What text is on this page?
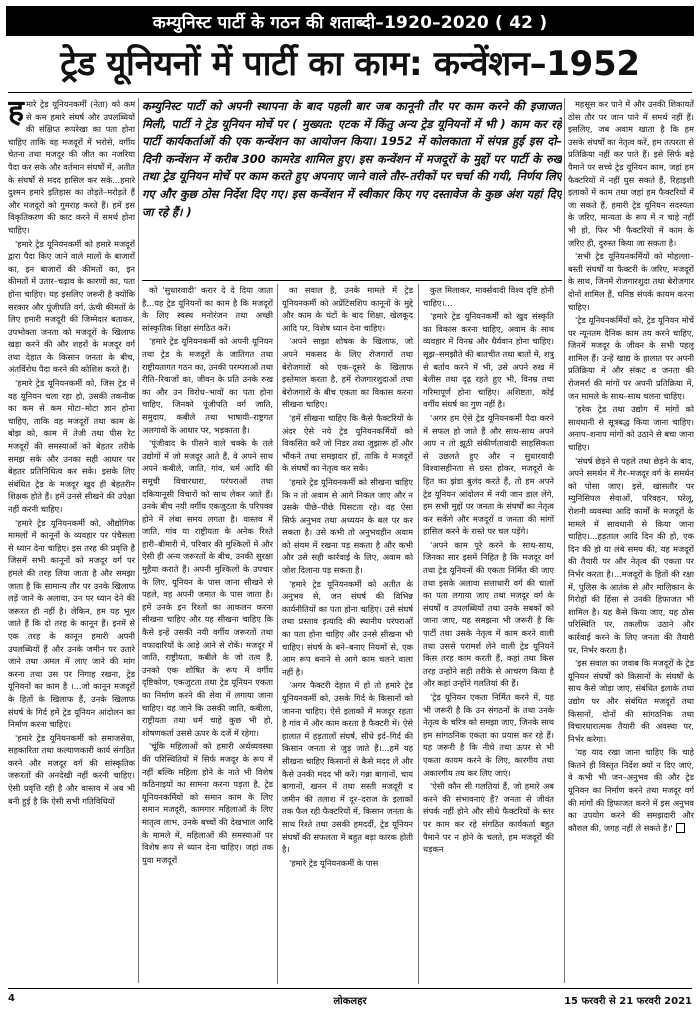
कम्युनिस्ट पार्टी के गठन की शताब्दी–1920–2020 ( 42 )
ट्रेड यूनियनों में पार्टी का काम: कन्वेंशन–1952

हमारे ट्रेड यूनियनकर्मी (नेता) को कम से कम हमारे संघर्ष और उपलब्धियों की संक्षिप्त रूपरेखा का पता होना चाहिए ताकि वह मजदूरों में भरोसे, वर्गीय चेतना तथा मजदूर की जीत का नजरिया पैदा कर सके और वर्तमान संघर्षों में, अतीत के संघर्षों से मदद हासिल कर सके...हमारे दुश्मन हमारे इतिहास का तोड़ते–मरोड़ते हैं और मजदूरों को गुमराह करते हैं। हमें इस विकृतिकरण की काट करने में समर्थ होना चाहिए।

'हमारे ट्रेड यूनियनकर्मी को हमारे मजदूरों द्वारा पैदा किए जाने वाले मालों के बाजारों का, इन बाजारों की कीमतों का, इन कीमतों में उतार–चढ़ाव के कारणों का, पता होना चाहिए। यह इसलिए जरूरी है क्योंकि सरकार और पूंजीपति वर्ग, ऊंची कीमतों के लिए हमारी मजदूरी की जिम्मेदार बताकर, उपभोक्ता जनता को मजदूरों के खिलाफ खड़ा करने की और शहरों के मजदूर वर्ग तथा देहात के किसान जनता के बीच, अंतर्विरोध पैदा करने की कोशिश करते हैं।

'हमारे ट्रेड यूनियनकर्मी को, जिस ट्रेड में वह यूनियन चला रहा हो, उसकी तकनीक का कम से कम मोटा–मोटा ज्ञान होना चाहिए, ताकि वह मजदूरों तथा काम के बोझ को, काम में तेजी तथा पीस रेट मजदूरों की समस्याओं को बेहतर तरीके समझ सके और उनका सही आधार पर बेहतर प्रतिनिधित्व कर सके। इसके लिए संबंधित ट्रेड के मजदूर खुद ही बेहतरीन शिक्षक होते हैं। हमें उनसे सीखने की उपेक्षा नहीं करनी चाहिए।

'हमारे ट्रेड यूनियनकर्मी को, औद्योगिक मामलों में कानूनों के व्यवहार पर पंचैसला से ध्यान देना चाहिए। इस तरह की प्रवृत्ति है जिसमें सभी कानूनों को मजदूर वर्ग पर हमले की तरह लिया जाता है और समझा जाता है कि सामान्य तौर पर उनके खिलाफ लड़ें जाने के अलावा, उन पर ध्यान देने की जरूरत ही नहीं है। लेकिन, हम यह भूल जाते हैं कि दो तरह के कानून हैं। इनमें से एक तरह के कानून हमारी अपनी उपलब्धियों हैं और उनके जमीन पर उतारे जाने तथा अमल में लाए जाने की मांग करना तथा उस पर निगाह रखना, ट्रेड यूनियनों का काम है ।...जो कानून मजदूरों के हितों के खिलाफ हैं, उनके खिलाफ संघर्ष के गिर्द हमें ट्रेड यूनियन आंदोलन का निर्माण करना चाहिए।

'हमारे ट्रेड यूनियनकर्मी को समाजसेवा, सहकारिता तथा कल्याणकारी कार्य संगठित करने और मजदूर वर्ग की सांस्कृतिक जरूरतों की अनदेखी नहीं करनी चाहिए। ऐसी प्रवृत्ति रही है और वास्तव में अब भी बनी हुई है कि ऐसी सभी गतिविधियों

कम्युनिस्ट पार्टी को अपनी स्थापना के बाद पहली बार जब कानूनी तौर पर काम करने की इजाजत मिली, पार्टी ने ट्रेड यूनियन मोर्चे पर ( मुख्यत: एटक में किंतु अन्य ट्रेड यूनियनों में भी ) काम कर रहे पार्टी कार्यकर्ताओं की एक कन्वेंशन का आयोजन किया। 1952 में कोलकाता में संपन्न हुई इस दो–दिनी कन्वेंशन में करीब 300 कामरेड शामिल हुए। इस कन्वेंशन में मजदूरों के मुद्दों पर पार्टी के रुख तथा ट्रेड यूनियन मोर्चे पर काम करते हुए अपनाए जाने वाले तौर–तरीकों पर चर्चा की गयी, निर्णय लिए गए और कुछ ठोस निर्देश दिए गए। इस कन्वेंशन में स्वीकार किए गए दस्तावेज के कुछ अंश यहां दिए जा रहे हैं। )

को 'सुधारवादी' करार दे दे दिया जाता है...यह ट्रेड यूनियनों का काम है कि मजदूरों के लिए स्वस्थ मनोरंजन तथा अच्छी सांस्कृतिक शिक्षा संगठित करें।

'हमारे ट्रेड यूनियनकर्मी को अपनी यूनियन तथा ट्रेड के मजदूरों के जातिगत तथा राष्ट्रीयतागत गठन का, उनकी परम्पराओं तथा रीति–रिवाजों का, जीवन के प्रति उनके रुख का और उन विरोध–भावों का पता होना चाहिए, जिनको पूंजीपति वर्ग जाति, समुदाय, कबीले तथा भाषायी–राष्ट्रगत अलगावों के आधार पर, भड़काता है।

'पूंजीवाद के पीसने वाले चक्के के तले उद्योगों में जो मजदूर आते हैं, वे अपने साथ अपने कबीले, जाति, गांव, धर्म आदि की समूची विचारधारा, परंपराओं तथा दकियानूसी विचारों को साथ लेकर आते हैं। उनके बीच नयी वर्गीय एकजुटता के परिपक्व होने में लंबा समय लगता है। वास्तव में जाति, गांव या राष्ट्रीयता के अनेक रिश्ते हारी–बीमारी में, परिवार की मुश्किलों में और ऐसी ही अन्य जरूरतों के बीच, उनकी सुरक्षा मुहैया कराते हैं। अपनी मुश्किलों के उपचार के लिए, यूनियन के पास जाना सीखने से पहले, वह अपनी जमात के पास जाता है। हमें उनके इन रिश्तों का आकलन करना सीखना चाहिए और यह सीखना चाहिए कि कैसे इन्हें उसकी नयी वर्गीय जरूरतों तथा वफादारियों के आड़े आने से रोकें। मजदूर में जाति, राष्ट्रीयता, कबीले के जो तत्व हैं, उनको एक शोषित के रूप में वर्गीय दृष्टिकोण, एकजुटता तथा ट्रेड यूनियन एकता का निर्माण करने की सेवा में लगाया जाना चाहिए। वह जाने कि उसकी जाति, कबीला, राष्ट्रीयता तथा धर्म चाहे कुछ भी हो, शोषणकर्ता उससे ऊपर के दर्जे में रहेगा।

'चूंकि महिलाओं को हमारी अर्थव्यवस्था की परिस्थितियों में सिर्फ मजदूर के रूप में नहीं बल्कि महिला होने के नाते भी विशेष कठिनाइयों का सामना करना पड़ता है, ट्रेड यूनियनकर्मियों को समान काम के लिए समान मजदूरी, कामगार महिलाओं के लिए मातृत्व लाभ, उनके बच्चों की देखभाल आदि के मामले में, महिलाओं की समस्याओं पर विशेष रूप से ध्यान देना चाहिए। जहां तक युवा मजदूरों

का सवाल है, उनके मामले में ट्रेड यूनियनकर्मी को अप्रेंटिसशिप कानूनों के मुद्दे और काम के घंटों के बाद शिक्षा, खेलकूद आदि पर, विशेष ध्यान देना चाहिए।

'अपने साझा शोषक के खिलाफ, जो अपने मकसद के लिए रोजगारों तथा बेरोजगारों को एक–दूसरे के खिलाफ इस्तेमाल करता है, हमें रोजगारशुदाओं तथा बेरोजगारों के बीच एकता का विकास करना सीखना चाहिए।

'हमें सीखना चाहिए कि कैसे फैक्टरियों के अंदर ऐसे नये ट्रेड यूनियनकर्मियों को विकसित करें जो निडर तथा जुझारू हों और भौंकने तथा समझदार हों, ताकि वे मजदूरों के संघर्षों का नेतृत्व कर सकें।

'हमारे ट्रेड यूनियनकर्मी को सीखना चाहिए कि न तो अवाम से आगे निकल जाए और न उसके पीछे–पीछे घिसटता रहे। वह ऐसा सिर्फ अनुभव तथा अध्ययन के बल पर कर सकता है। उसे कभी तो अनुभवहीन अवाम को संयम में रखना पड़ सकता है और कभी और उसे सही कार्रवाई के लिए, अवाम को जोश दिलाना पड़ सकता है।

'हमारे ट्रेड यूनियनकर्मी को अतीत के अनुभव से, जन संघर्ष की विभिन्न कार्यनीतियों का पता होना चाहिए। उसे संघर्ष तथा प्रस्ताव इत्यादि की स्थानीय परंपराओं का पता होना चाहिए और उनसे सीखना भी चाहिए। संघर्ष के बने–बनाए नियमों से, एक आम रूप बनाने से आगे काम चलने वाला नहीं है।

'अगर फैक्टरी देहात में हो तो हमारे ट्रेड यूनियनकर्मी को, उसके गिर्द के किसानों को जानना चाहिए। ऐसे इलाकों में मजदूर रहता है गांव में और काम करता है फैक्टरी में। ऐसे हालात में हड़तालों संघर्ष, सीधे इर्द–गिर्द की किसान जनता से जुड़ जाते हैं।...हमें यह सीखना चाहिए किसानों से कैसे मदद लें और कैसे उनकी मदद भी करें। गन्ना बागानों, चाय बागानों, खनन में तथा सस्ती मजदूरी व जमीन की तलाश में दूर–दराज के इलाकों तक फैल रही फैक्टरियों में, किसान जनता के साथ रिश्ते तथा उसकी हमदर्दी, ट्रेड यूनियन संघर्षों की सफलता में बहुत बड़ा कारक होती है।

'हमारे ट्रेड यूनियनकर्मी के पास

कुल मिलाकर, मार्क्सवादी विश्व दृष्टि होनी चाहिए।...

'हमारे ट्रेड यूनियनकर्मी को खुद संस्कृति का विकास करना चाहिए, अवाम के साथ व्यवहार में विनम्र और धैर्यवान होना चाहिए। सूझ–समझौते की बातचीत तथा बातों में, शत्रु से बर्ताव करने में भी, उसे अपने रुख में बेलीस तथा दृढ़ रहते हुए भी, विनम्र तथा गरिमापूर्ण होना चाहिए। अशिष्टता, कोई वर्गीय संघर्ष का गुण नहीं है।

'अगर हम ऐसे ट्रेड यूनियनकर्मी पैदा करने में सफल हो जाते हैं और साथ-साथ अपने आप न तो झूठी संकीर्णतावादी साहसिकता से उछलते हुए और न सुधारवादी विश्वासहीनता से ग्रस्त होकर, मजदूरों के हित का झंडा बुलंद करते हैं, तो हम अपने ट्रेड यूनियन आंदोलन में नयी जान डाल लेंगे, हम सभी मुद्दों पर जनता के संघर्षों का नेतृत्व कर सकेंगे और मजदूरों व जनता की मांगों हासिल करने के रास्ते पर चल पड़ेंगे।

'अपने काम पूरे करने के साथ-साथ, जिनका सार इसमें निहित है कि मजदूर वर्ग तथा ट्रेड यूनियनों की एकता निर्मित की जाए तथा इसके अलावा सत्ताधारी वर्ग की चालों का पता लगाया जाए तथा मजदूर वर्ग के संघर्षों व उपलब्धियों तथा उनके सबकों को जाना जाए, यह समझना भी जरूरी है कि पार्टी तथा उसके नेतृत्व में काम करने वाली तथा उससे परामर्श लेने वाली ट्रेड यूनियनें किस तरह काम करती हैं, कहां तथा किस तरह उन्होंने सही तरीके से आचरण किया है और कहां उन्होंने गलतियां की हैं।

'ट्रेड यूनियन एकता निर्मित करने में, यह भी जरूरी है कि उन संगठनों के तथा उनके नेतृत्व के चरित्र को समझा जाए, जिनके साथ हम सांगठनिक एकता का प्रयास कर रहे हैं। यह जरूरी है कि नीचे तथा ऊपर से भी एकता कायम करने के लिए, कारगीय तथा अकारगीय तय कर लिए जाएं।

'ऐसी कौन सी गलतियां हैं, जो हमारे अब करने की संभावनाएं हैं? जनता से जीवंत संपर्क नहीं होने और सीधे फैक्टरियों के स्तर पर काम कर रहे संगठित कार्यकर्ता बहुत पैमाने पर न होने के चलते, हम मजदूरों की धड़कन

महसूस कर पाने में और उनकी शिकायतें ठोस तौर पर जान पाने में समर्थ नहीं हैं। इसलिए, जब अवाम खाता है कि हम उसके संघर्षों का नेतृत्व करें, हम तत्परता से प्रतिक्रिया नहीं कर पाते हैं। इसे सिर्फ बड़े पैमाने पर सच्चे ट्रेड यूनियन काम, जहां हम फैक्टरियों में नहीं घुस सकते हैं, रिहाइशी इलाकों में काम तथा जहां हम फैक्टरियों में जा सकते हैं, हमारी ट्रेड यूनियन सदस्यता के जरिए, मान्यता के रूप में न चाहे नहीं भी हो, फिर भी फैक्टरियों में काम के जरिए ही, दुरुस्त किया जा सकता है।

'सभी ट्रेड यूनियनकर्मियों को मोहल्ला–बस्ती संघर्षों या फैक्टरी के जरिए, मजदूरों के साथ, जिनमें रोजगारशुदा तथा बेरोजगार दोनों शामिल हैं, घनिष्ठ संपर्क कायम करना चाहिए।

'ट्रेड यूनियनकर्मियों को, ट्रेड यूनियन मोर्चे पर न्यूनतम दैनिक काम तय करने चाहिए, जिनमें मजदूर के जीवन के सभी पहलू शामिल हैं। उन्हें खाद्य के हालात पर अपनी प्रतिक्रिया में और संकट व जनता की रोजमर्रा की मांगों पर अपनी प्रतिक्रिया में, जन मामले के साथ–साथ चलना चाहिए।

'हरेक ट्रेड तथा उद्योग में मांगों को सावधानी से सूत्रबद्ध किया जाना चाहिए। अनाप–शनाप मांगों को उठाने से बचा जाना चाहिए।

'संघर्ष छेड़ने से पहले तथा छेड़ने के बाद, अपने समर्थन में गैर–मजदूर वर्ग के समर्थन को पोसा जाए। इसे, खासतौर पर म्युनिसिपल सेवाओं, परिवहन, घरेलू, रोशनी व्यवस्था आदि कार्मों के मजदूरों के मामले में सावधानी से किया जाना चाहिए।...हड़ताल आदि दिन की हो, एक दिन की हो या लंबे समय की, यह मजदूरों की तैयारी पर और नेतृत्व की एकता पर निर्भर करता है।...मजदूरों के हितों की रक्षा में, पुलिस के आतंक से और मालिकान के गिरोहों की हिंसा से उनकी हिफाजत भी शामिल है। यह कैसे किया जाए, यह ठोस परिस्थिति पर, तकलीफ उठाने और कार्रवाई करने के लिए जनता की तैयारी पर, निर्भर करता है।

'इस सवाल का जवाब कि मजदूरों के ट्रेड यूनियन संघर्षों को किसानों के संघर्षों के साथ कैसे जोड़ा जाए, संबंधित इलाके तथा उद्योग पर और संबंधित मजदूरों तथा किसानों, दोनों की सांगठनिक तथा विचारधारात्मक तैयारी की अवस्था पर, निर्भर करेगा।

'यह याद रखा जाना चाहिए कि चाहे कितने ही विस्तृत निर्देश क्यों न दिए जाएं, वे कभी भी जन–अनुभव की और ट्रेड यूनियन का निर्माण करने तथा मजदूर वर्ग की मांगों की हिफाजत करने में इस अनुभव का उपयोग करने की समझदारी और कौशल की, जगह नहीं ले सकते हैं।'

4	लोकलहर	15 फरवरी से 21 फरवरी 2021
